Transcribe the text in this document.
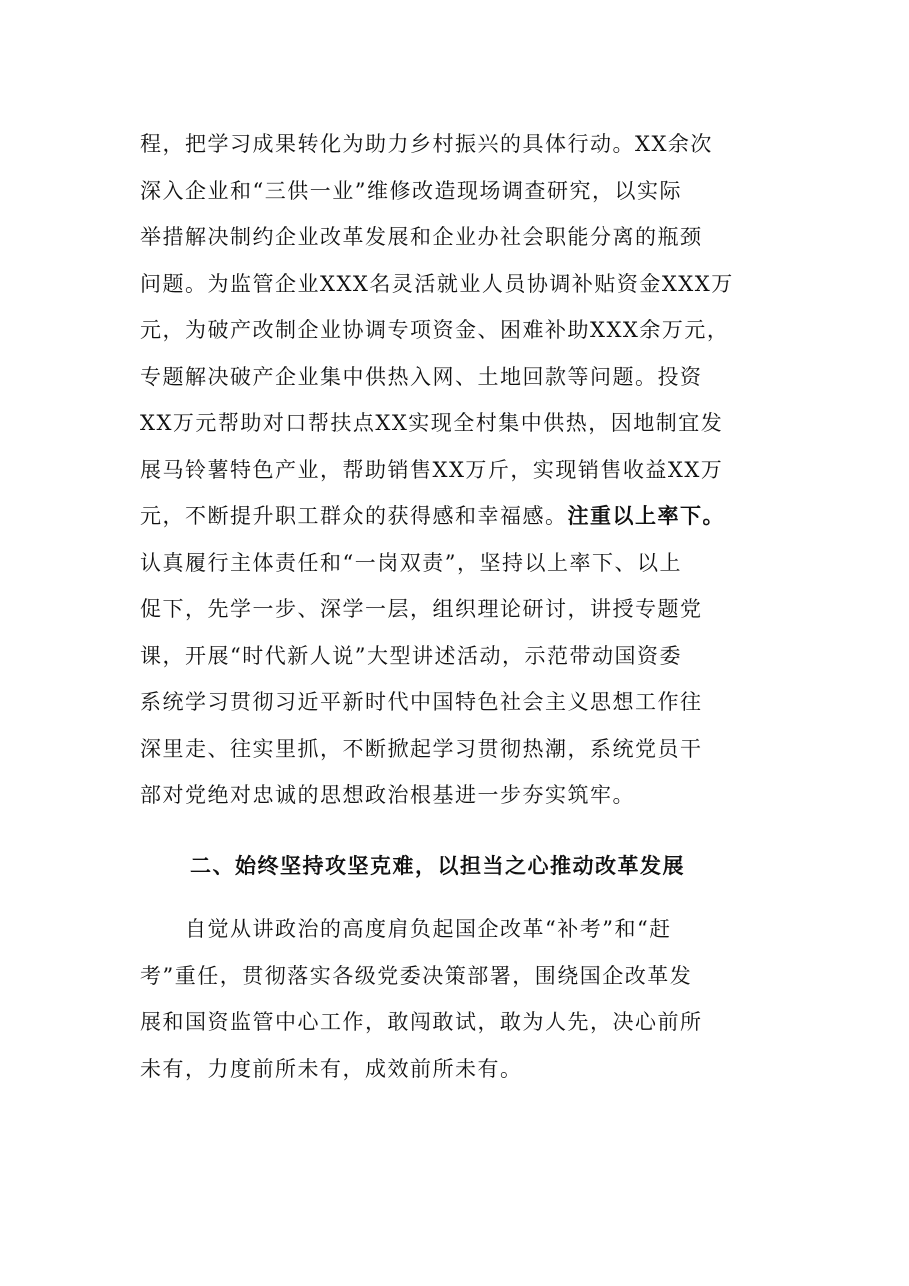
程，把学习成果转化为助力乡村振兴的具体行动。XX余次
深入企业和“三供一业”维修改造现场调查研究，以实际
举措解决制约企业改革发展和企业办社会职能分离的瓶颈
问题。为监管企业XXX名灵活就业人员协调补贴资金XXX万
元，为破产改制企业协调专项资金、困难补助XXX余万元，
专题解决破产企业集中供热入网、土地回款等问题。投资
XX万元帮助对口帮扶点XX实现全村集中供热，因地制宜发
展马铃薯特色产业，帮助销售XX万斤，实现销售收益XX万
元，不断提升职工群众的获得感和幸福感。注重以上率下。
认真履行主体责任和“一岗双责”，坚持以上率下、以上
促下，先学一步、深学一层，组织理论研讨，讲授专题党
课，开展“时代新人说”大型讲述活动，示范带动国资委
系统学习贯彻习近平新时代中国特色社会主义思想工作往
深里走、往实里抓，不断掀起学习贯彻热潮，系统党员干
部对党绝对忠诚的思想政治根基进一步夯实筑牢。
二、始终坚持攻坚克难，以担当之心推动改革发展
　　自觉从讲政治的高度肩负起国企改革“补考”和“赶
考”重任，贯彻落实各级党委决策部署，围绕国企改革发
展和国资监管中心工作，敢闯敢试，敢为人先，决心前所
未有，力度前所未有，成效前所未有。
